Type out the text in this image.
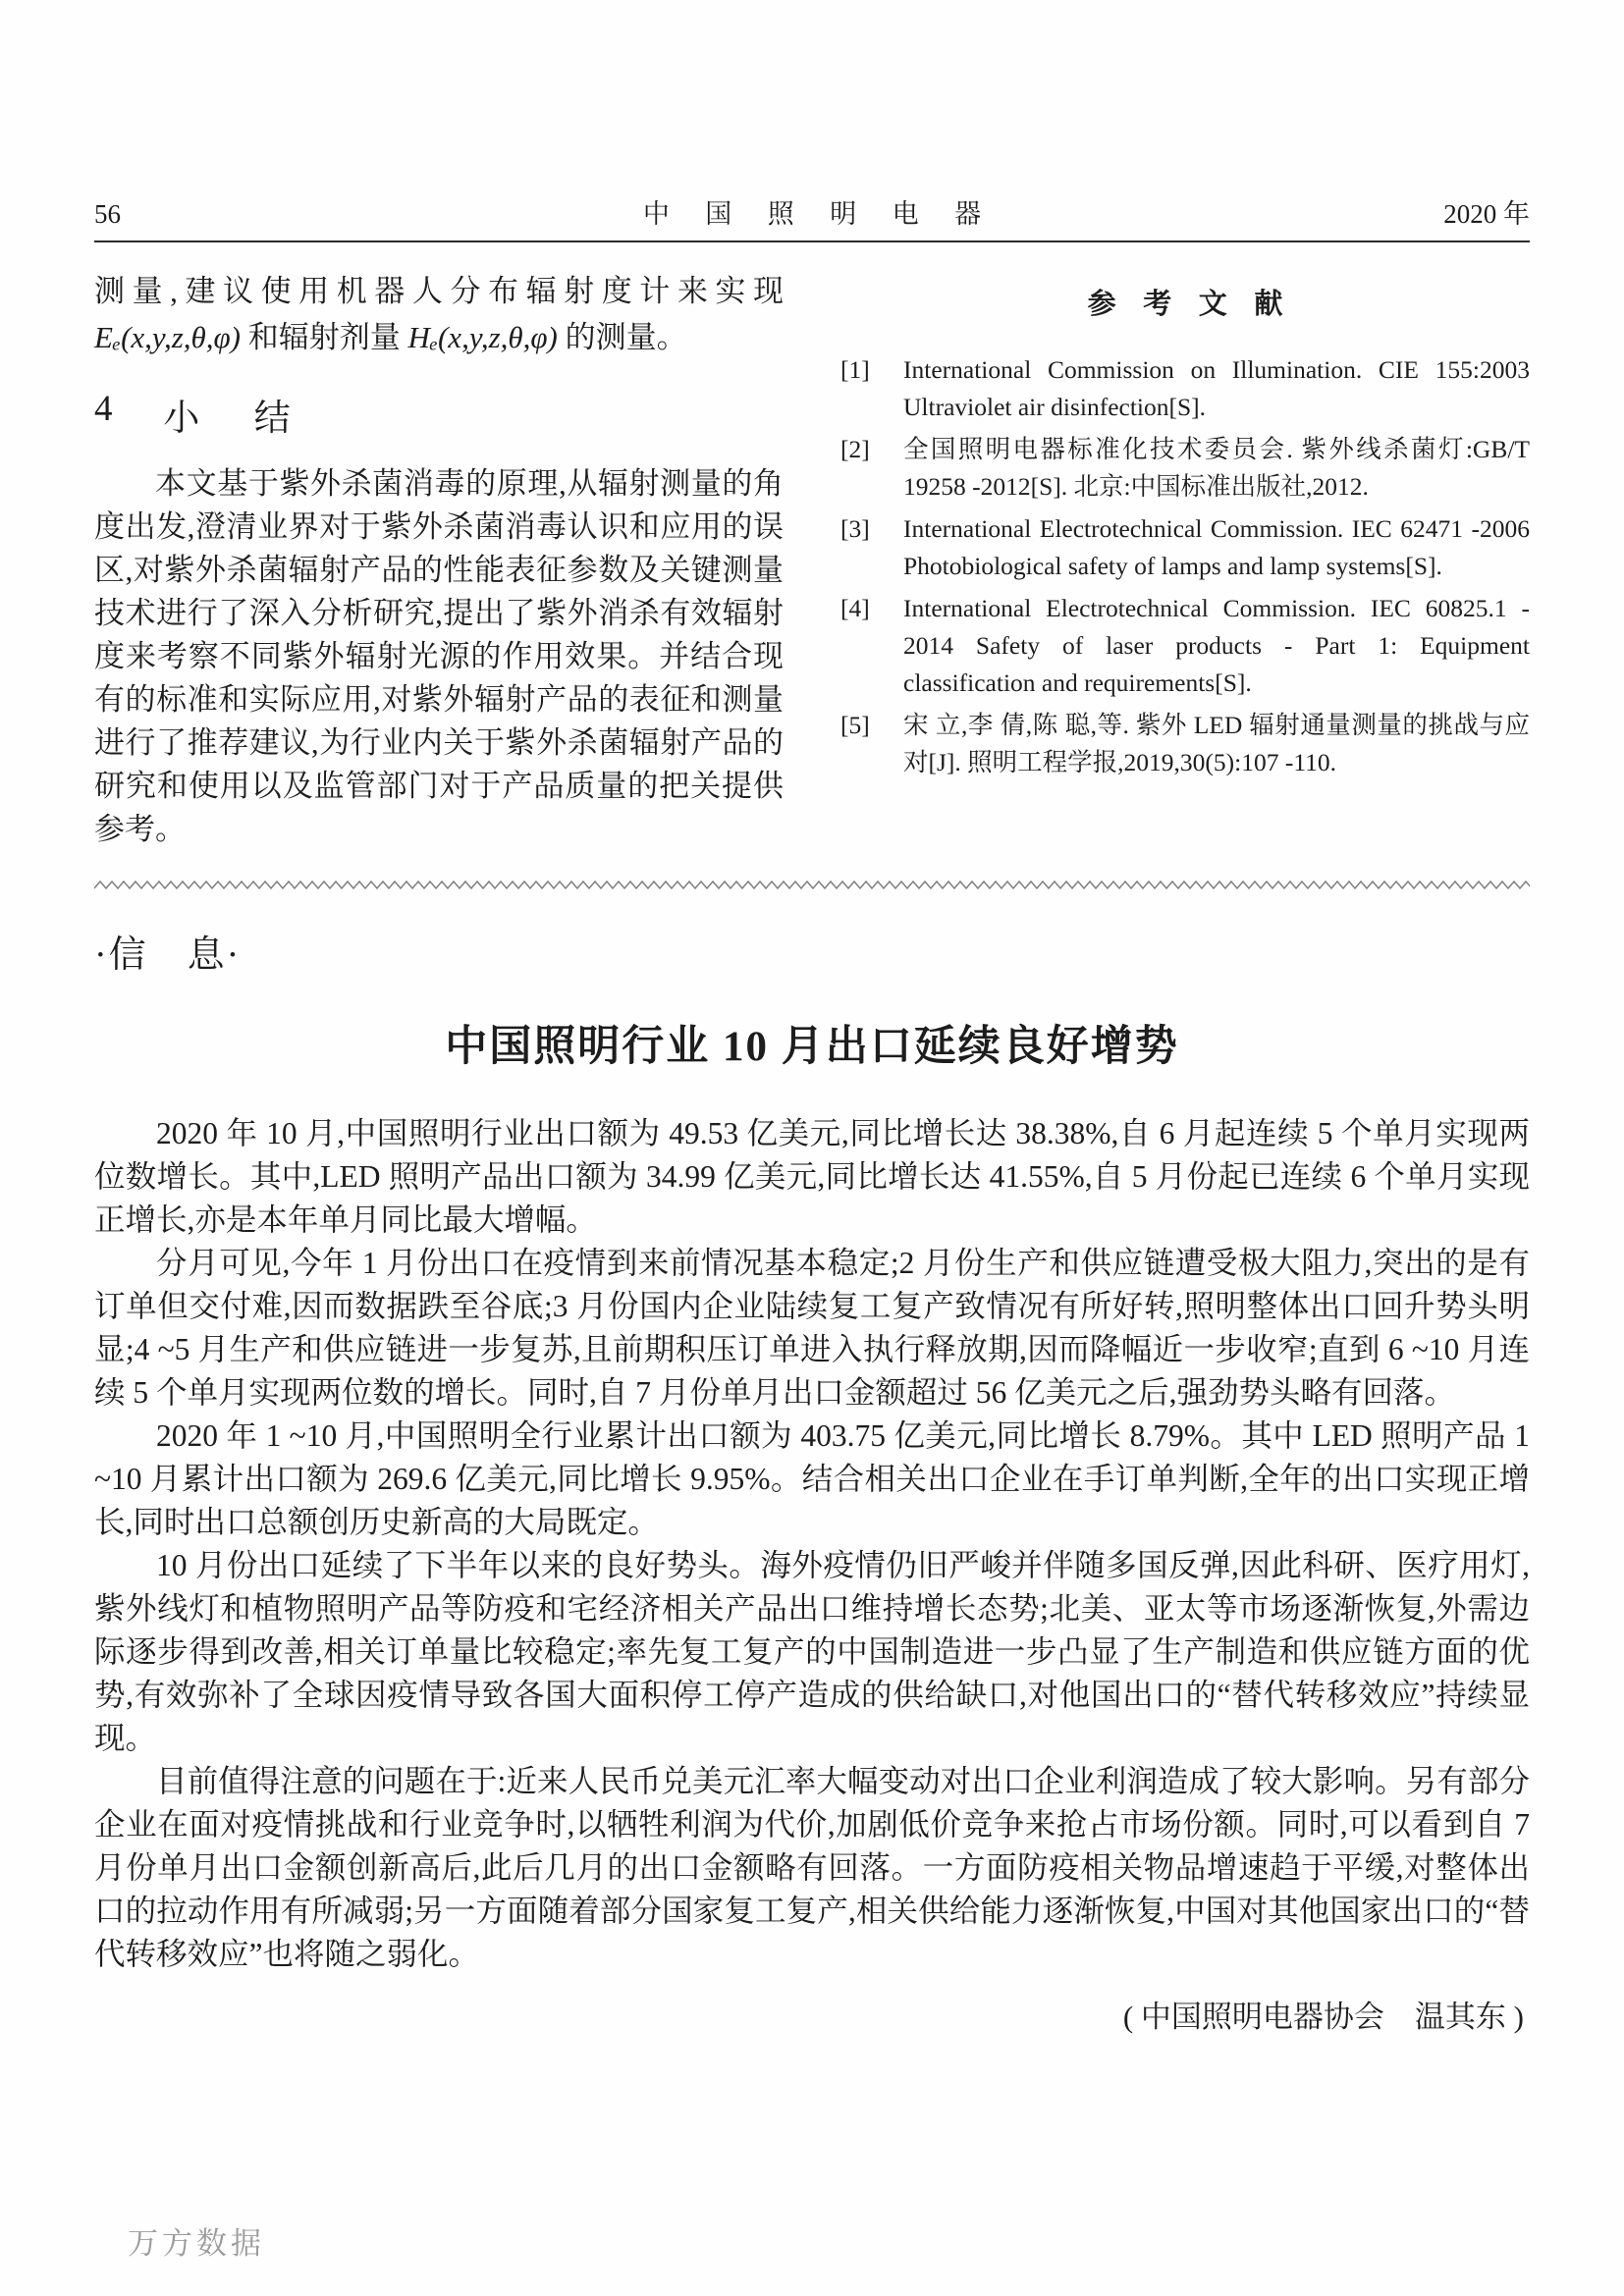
56	中 国 照 明 电 器	2020 年

测量,建议使用机器人分布辐射度计来实现 Eₑ(x,y,z,θ,φ) 和辐射剂量 Hₑ(x,y,z,θ,φ) 的测量。

4 小结

本文基于紫外杀菌消毒的原理,从辐射测量的角度出发,澄清业界对于紫外杀菌消毒认识和应用的误区,对紫外杀菌辐射产品的性能表征参数及关键测量技术进行了深入分析研究,提出了紫外消杀有效辐射度来考察不同紫外辐射光源的作用效果。并结合现有的标准和实际应用,对紫外辐射产品的表征和测量进行了推荐建议,为行业内关于紫外杀菌辐射产品的研究和使用以及监管部门对于产品质量的把关提供参考。

参考文献
[1] International Commission on Illumination. CIE 155:2003 Ultraviolet air disinfection[S].
[2] 全国照明电器标准化技术委员会. 紫外线杀菌灯:GB/T 19258 -2012[S]. 北京:中国标准出版社,2012.
[3] International Electrotechnical Commission. IEC 62471 -2006 Photobiological safety of lamps and lamp systems[S].
[4] International Electrotechnical Commission. IEC 60825.1 - 2014 Safety of laser products - Part 1: Equipment classification and requirements[S].
[5] 宋 立,李 倩,陈 聪,等. 紫外 LED 辐射通量测量的挑战与应对[J]. 照明工程学报,2019,30(5):107 -110.
·信　息·
中国照明行业 10 月出口延续良好增势

2020 年 10 月,中国照明行业出口额为 49.53 亿美元,同比增长达 38.38%,自 6 月起连续 5 个单月实现两位数增长。其中,LED 照明产品出口额为 34.99 亿美元,同比增长达 41.55%,自 5 月份起已连续 6 个单月实现正增长,亦是本年单月同比最大增幅。

分月可见,今年 1 月份出口在疫情到来前情况基本稳定;2 月份生产和供应链遭受极大阻力,突出的是有订单但交付难,因而数据跌至谷底;3 月份国内企业陆续复工复产致情况有所好转,照明整体出口回升势头明显;4 ~5 月生产和供应链进一步复苏,且前期积压订单进入执行释放期,因而降幅近一步收窄;直到 6 ~10 月连续 5 个单月实现两位数的增长。同时,自 7 月份单月出口金额超过 56 亿美元之后,强劲势头略有回落。

2020 年 1 ~10 月,中国照明全行业累计出口额为 403.75 亿美元,同比增长 8.79%。其中 LED 照明产品 1 ~10 月累计出口额为 269.6 亿美元,同比增长 9.95%。结合相关出口企业在手订单判断,全年的出口实现正增长,同时出口总额创历史新高的大局既定。

10 月份出口延续了下半年以来的良好势头。海外疫情仍旧严峻并伴随多国反弹,因此科研、医疗用灯,紫外线灯和植物照明产品等防疫和宅经济相关产品出口维持增长态势;北美、亚太等市场逐渐恢复,外需边际逐步得到改善,相关订单量比较稳定;率先复工复产的中国制造进一步凸显了生产制造和供应链方面的优势,有效弥补了全球因疫情导致各国大面积停工停产造成的供给缺口,对他国出口的“替代转移效应”持续显现。

目前值得注意的问题在于:近来人民币兑美元汇率大幅变动对出口企业利润造成了较大影响。另有部分企业在面对疫情挑战和行业竞争时,以牺牲利润为代价,加剧低价竞争来抢占市场份额。同时,可以看到自 7 月份单月出口金额创新高后,此后几月的出口金额略有回落。一方面防疫相关物品增速趋于平缓,对整体出口的拉动作用有所减弱;另一方面随着部分国家复工复产,相关供给能力逐渐恢复,中国对其他国家出口的“替代转移效应”也将随之弱化。

( 中国照明电器协会　温其东 )
万方数据
